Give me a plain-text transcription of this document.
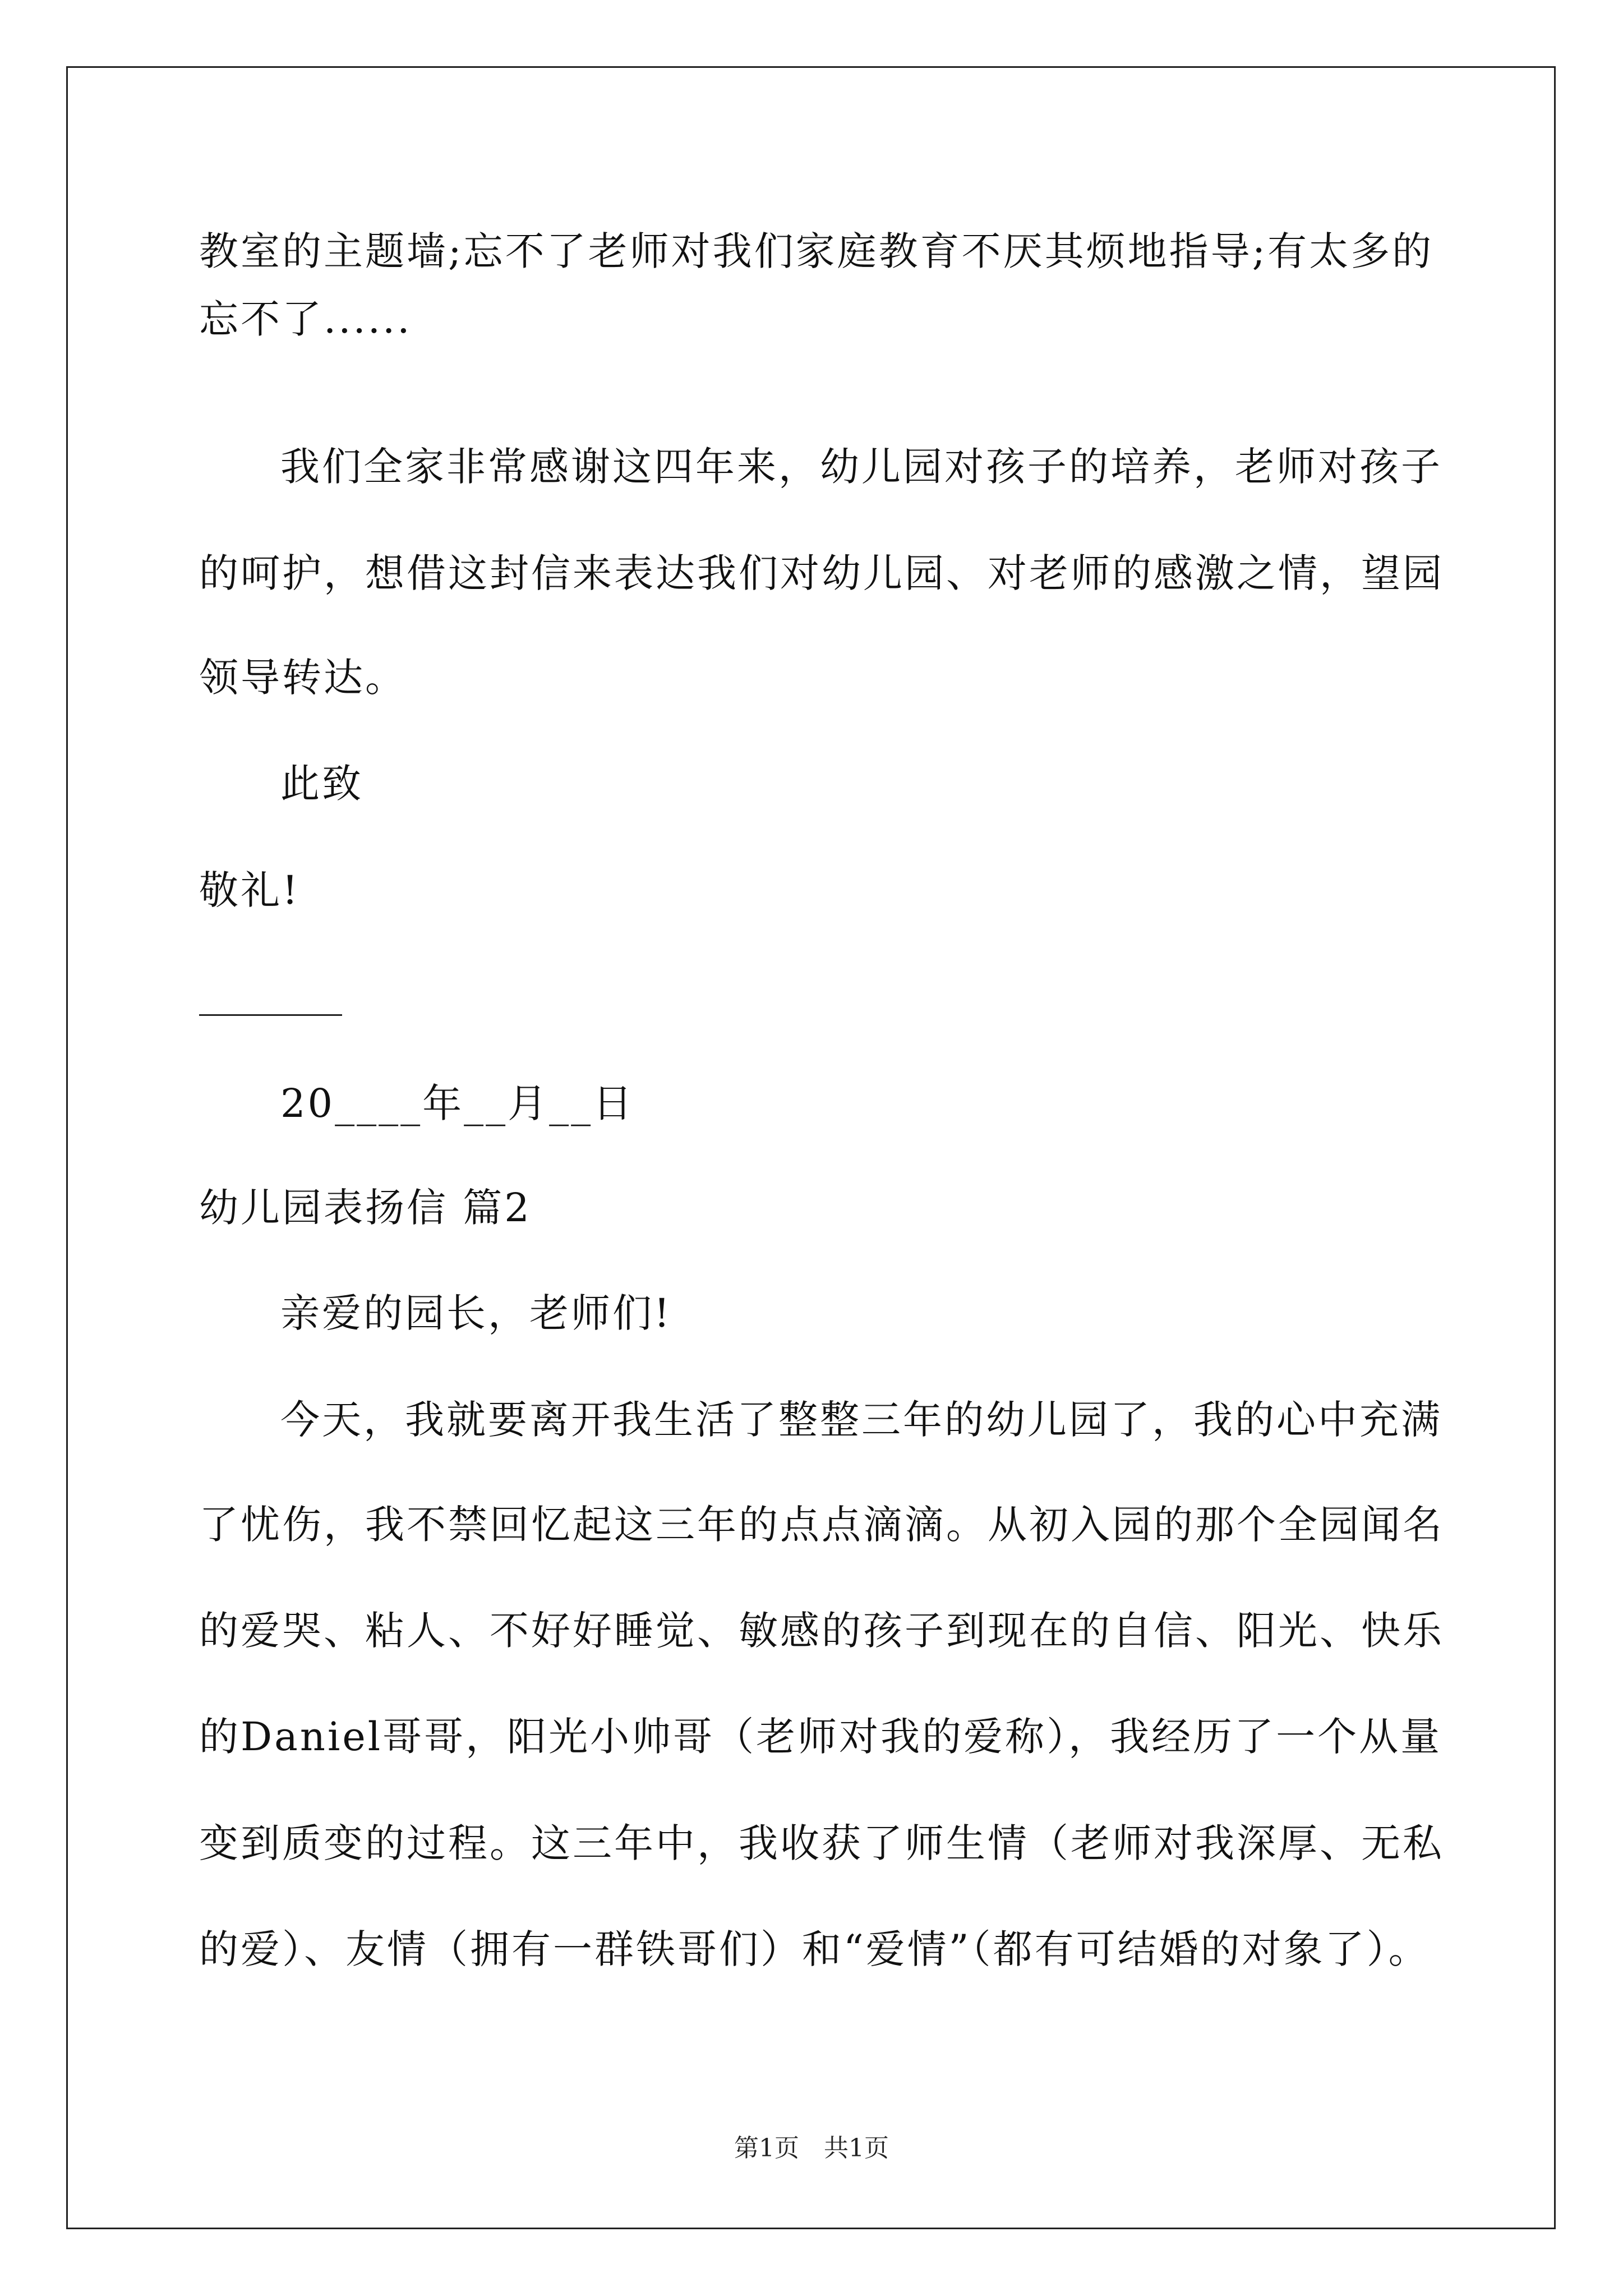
教室的主题墙;忘不了老师对我们家庭教育不厌其烦地指导;有太多的
忘不了......
我们全家非常感谢这四年来，幼儿园对孩子的培养，老师对孩子
的呵护，想借这封信来表达我们对幼儿园、对老师的感激之情，望园
领导转达。
此致
敬礼!
20____年__月__日
幼儿园表扬信 篇2
亲爱的园长，老师们!
今天，我就要离开我生活了整整三年的幼儿园了，我的心中充满
了忧伤，我不禁回忆起这三年的点点滴滴。从初入园的那个全园闻名
的爱哭、粘人、不好好睡觉、敏感的孩子到现在的自信、阳光、快乐
的Daniel哥哥，阳光小帅哥（老师对我的爱称），我经历了一个从量
变到质变的过程。这三年中，我收获了师生情（老师对我深厚、无私
的爱）、友情（拥有一群铁哥们）和“爱情”（都有可结婚的对象了）。
第1页　共1页
